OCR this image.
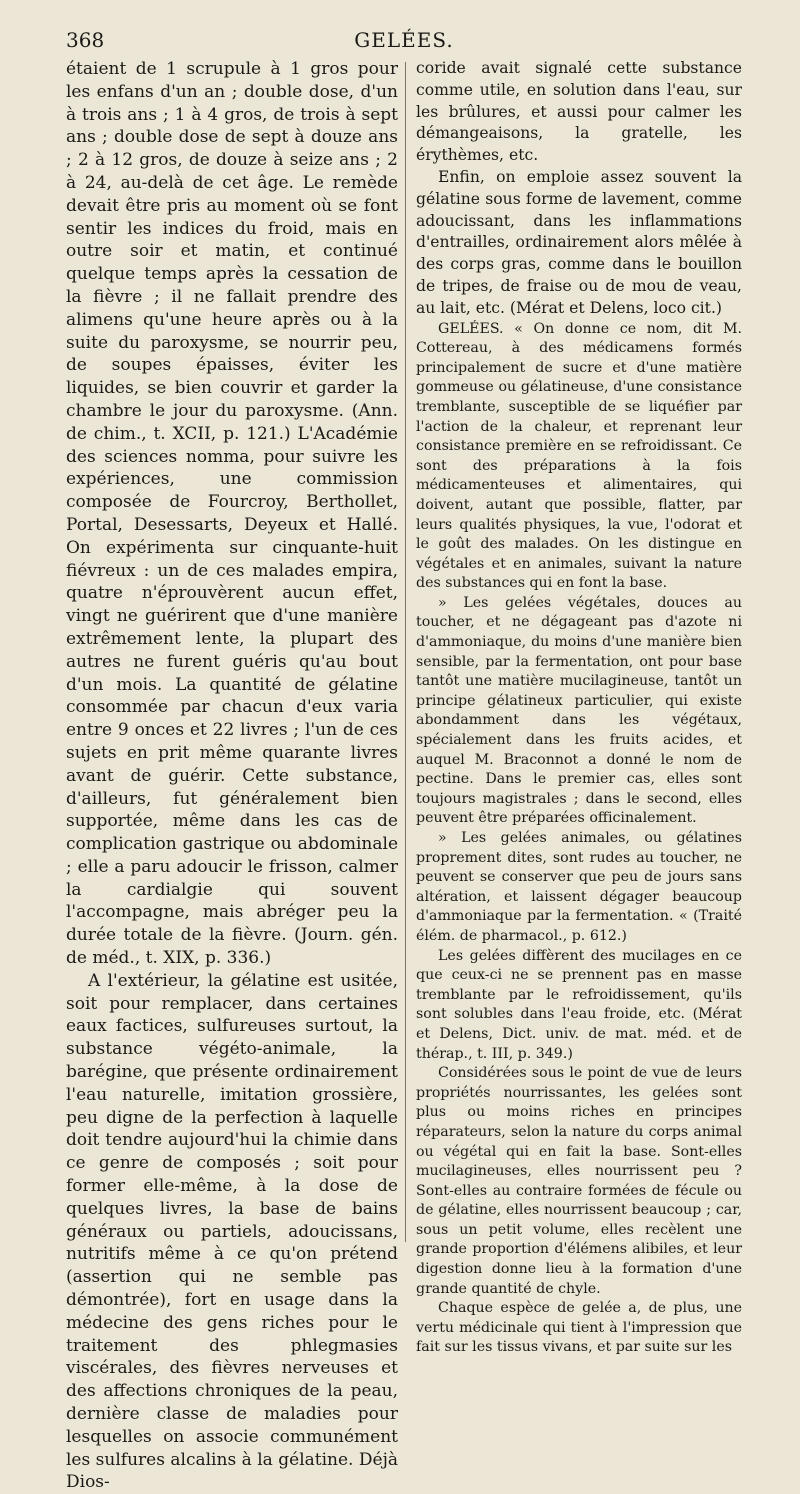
368	GELÉES.

étaient de 1 scrupule à 1 gros pour les enfans d'un an ; double dose, d'un à trois ans ; 1 à 4 gros, de trois à sept ans ; double dose de sept à douze ans ; 2 à 12 gros, de douze à seize ans ; 2 à 24, au-delà de cet âge. Le remède devait être pris au moment où se font sentir les indices du froid, mais en outre soir et matin, et continué quelque temps après la cessation de la fièvre ; il ne fallait prendre des alimens qu'une heure après ou à la suite du paroxysme, se nourrir peu, de soupes épaisses, éviter les liquides, se bien couvrir et garder la chambre le jour du paroxysme. (Ann. de chim., t. XCII, p. 121.) L'Académie des sciences nomma, pour suivre les expériences, une commission composée de Fourcroy, Berthollet, Portal, Desessarts, Deyeux et Hallé. On expérimenta sur cinquante-huit fiévreux : un de ces malades empira, quatre n'éprouvèrent aucun effet, vingt ne guérirent que d'une manière extrêmement lente, la plupart des autres ne furent guéris qu'au bout d'un mois. La quantité de gélatine consommée par chacun d'eux varia entre 9 onces et 22 livres ; l'un de ces sujets en prit même quarante livres avant de guérir. Cette substance, d'ailleurs, fut généralement bien supportée, même dans les cas de complication gastrique ou abdominale ; elle a paru adoucir le frisson, calmer la cardialgie qui souvent l'accompagne, mais abréger peu la durée totale de la fièvre. (Journ. gén. de méd., t. XIX, p. 336.)

A l'extérieur, la gélatine est usitée, soit pour remplacer, dans certaines eaux factices, sulfureuses surtout, la substance végéto-animale, la barégine, que présente ordinairement l'eau naturelle, imitation grossière, peu digne de la perfection à laquelle doit tendre aujourd'hui la chimie dans ce genre de composés ; soit pour former elle-même, à la dose de quelques livres, la base de bains généraux ou partiels, adoucissans, nutritifs même à ce qu'on prétend (assertion qui ne semble pas démontrée), fort en usage dans la médecine des gens riches pour le traitement des phlegmasies viscérales, des fièvres nerveuses et des affections chroniques de la peau, dernière classe de maladies pour lesquelles on associe communément les sulfures alcalins à la gélatine. Déjà Dios-

coride avait signalé cette substance comme utile, en solution dans l'eau, sur les brûlures, et aussi pour calmer les démangeaisons, la gratelle, les érythèmes, etc.

Enfin, on emploie assez souvent la gélatine sous forme de lavement, comme adoucissant, dans les inflammations d'entrailles, ordinairement alors mêlée à des corps gras, comme dans le bouillon de tripes, de fraise ou de mou de veau, au lait, etc. (Mérat et Delens, loco cit.)

GELÉES. « On donne ce nom, dit M. Cottereau, à des médicamens formés principalement de sucre et d'une matière gommeuse ou gélatineuse, d'une consistance tremblante, susceptible de se liquéfier par l'action de la chaleur, et reprenant leur consistance première en se refroidissant. Ce sont des préparations à la fois médicamenteuses et alimentaires, qui doivent, autant que possible, flatter, par leurs qualités physiques, la vue, l'odorat et le goût des malades. On les distingue en végétales et en animales, suivant la nature des substances qui en font la base.

» Les gelées végétales, douces au toucher, et ne dégageant pas d'azote ni d'ammoniaque, du moins d'une manière bien sensible, par la fermentation, ont pour base tantôt une matière mucilagineuse, tantôt un principe gélatineux particulier, qui existe abondamment dans les végétaux, spécialement dans les fruits acides, et auquel M. Braconnot a donné le nom de pectine. Dans le premier cas, elles sont toujours magistrales ; dans le second, elles peuvent être préparées officinalement.

» Les gelées animales, ou gélatines proprement dites, sont rudes au toucher, ne peuvent se conserver que peu de jours sans altération, et laissent dégager beaucoup d'ammoniaque par la fermentation. « (Traité élém. de pharmacol., p. 612.)

Les gelées diffèrent des mucilages en ce que ceux-ci ne se prennent pas en masse tremblante par le refroidissement, qu'ils sont solubles dans l'eau froide, etc. (Mérat et Delens, Dict. univ. de mat. méd. et de thérap., t. III, p. 349.)

Considérées sous le point de vue de leurs propriétés nourrissantes, les gelées sont plus ou moins riches en principes réparateurs, selon la nature du corps animal ou végétal qui en fait la base. Sont-elles mucilagineuses, elles nourrissent peu ? Sont-elles au contraire formées de fécule ou de gélatine, elles nourrissent beaucoup ; car, sous un petit volume, elles recèlent une grande proportion d'élémens alibiles, et leur digestion donne lieu à la formation d'une grande quantité de chyle.

Chaque espèce de gelée a, de plus, une vertu médicinale qui tient à l'impression que fait sur les tissus vivans, et par suite sur les
